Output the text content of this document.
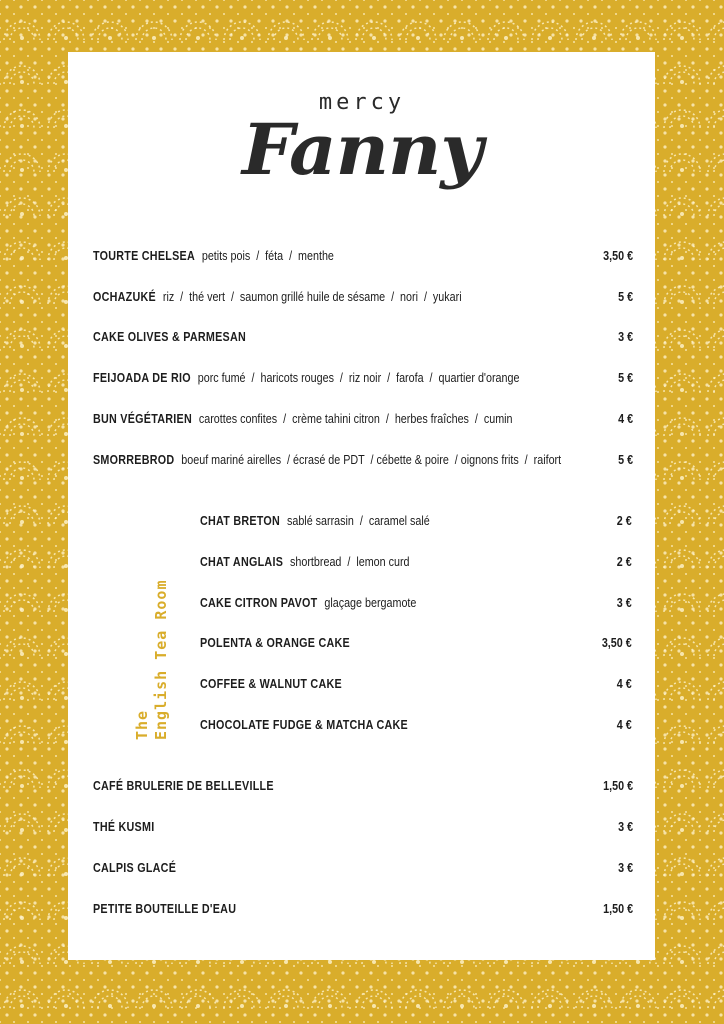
mercy
Fanny
TOURTE CHELSEA petits pois  /  féta  /  menthe	3,50 €
OCHAZUKÉ riz  /  thé vert  /  saumon grillé huile de sésame  /  nori  /  yukari	5 €
CAKE OLIVES & PARMESAN	3 €
FEIJOADA DE RIO porc fumé  /  haricots rouges  /  riz noir  /  farofa  /  quartier d'orange	5 €
BUN VÉGÉTARIEN carottes confites  /  crème tahini citron  /  herbes fraîches  /  cumin	4 €
SMORREBROD boeuf mariné airelles  / écrasé de PDT  / cébette & poire  / oignons frits  /  raifort	5 €
The English Tea Room
CHAT BRETON sablé sarrasin  /  caramel salé	2 €
CHAT ANGLAIS shortbread  /  lemon curd	2 €
CAKE CITRON PAVOT glaçage bergamote	3 €
POLENTA & ORANGE CAKE	3,50 €
COFFEE & WALNUT CAKE	4 €
CHOCOLATE FUDGE & MATCHA CAKE	4 €
CAFÉ BRULERIE DE BELLEVILLE	1,50 €
THÉ KUSMI	3 €
CALPIS GLACÉ	3 €
PETITE BOUTEILLE D'EAU	1,50 €
